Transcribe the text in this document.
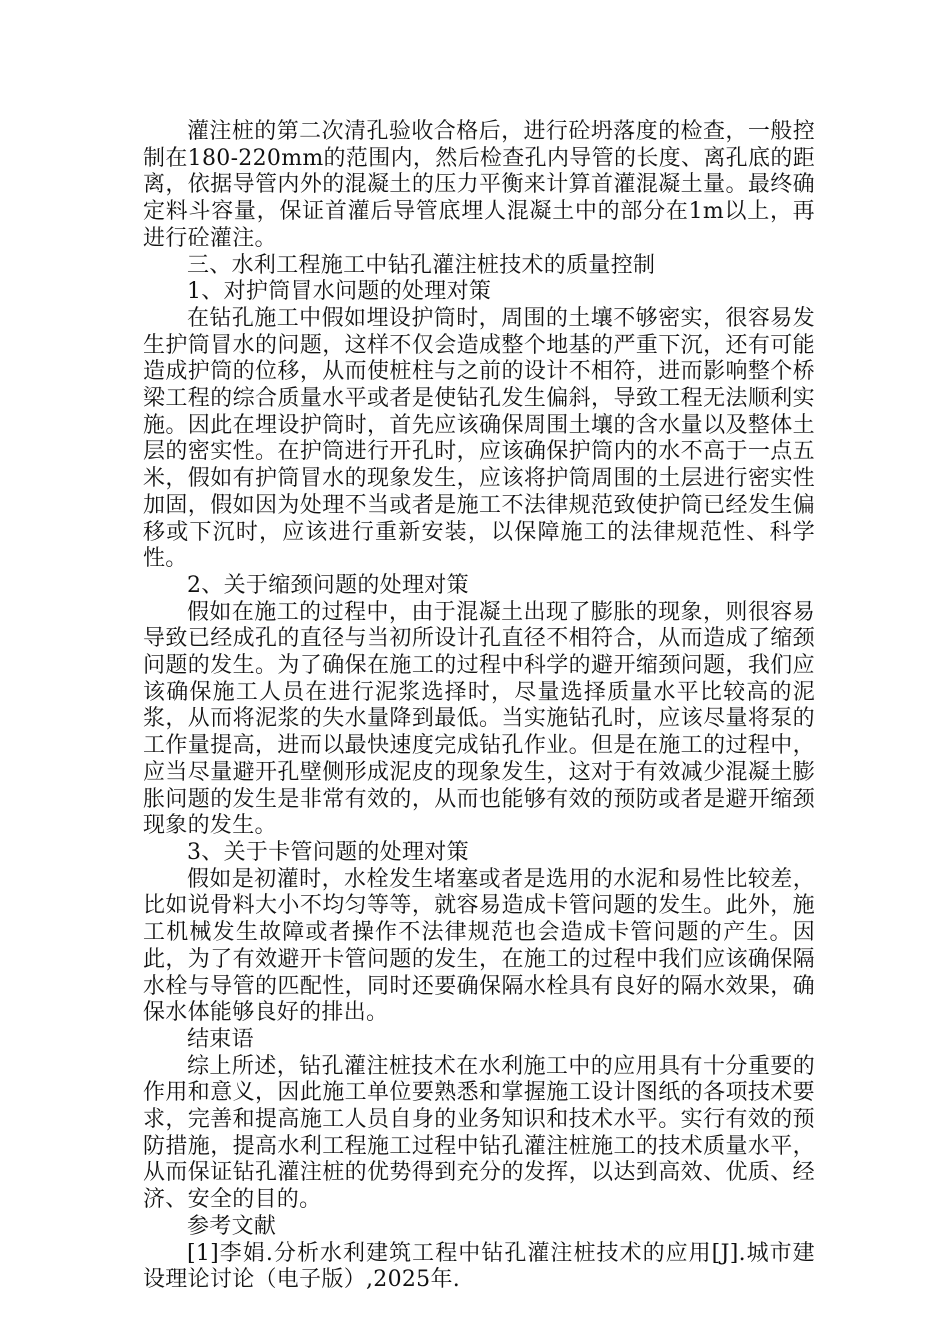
灌注桩的第二次清孔验收合格后，进行砼坍落度的检查，一般控制在180-220mm的范围内，然后检查孔内导管的长度、离孔底的距离，依据导管内外的混凝土的压力平衡来计算首灌混凝土量。最终确定料斗容量，保证首灌后导管底埋人混凝土中的部分在1m以上，再进行砼灌注。

三、水利工程施工中钻孔灌注桩技术的质量控制

1、对护筒冒水问题的处理对策

在钻孔施工中假如埋设护筒时，周围的土壤不够密实，很容易发生护筒冒水的问题，这样不仅会造成整个地基的严重下沉，还有可能造成护筒的位移，从而使桩柱与之前的设计不相符，进而影响整个桥梁工程的综合质量水平或者是使钻孔发生偏斜，导致工程无法顺利实施。因此在埋设护筒时，首先应该确保周围土壤的含水量以及整体土层的密实性。在护筒进行开孔时，应该确保护筒内的水不高于一点五米，假如有护筒冒水的现象发生，应该将护筒周围的土层进行密实性加固，假如因为处理不当或者是施工不法律规范致使护筒已经发生偏移或下沉时，应该进行重新安装，以保障施工的法律规范性、科学性。

2、关于缩颈问题的处理对策

假如在施工的过程中，由于混凝土出现了膨胀的现象，则很容易导致已经成孔的直径与当初所设计孔直径不相符合，从而造成了缩颈问题的发生。为了确保在施工的过程中科学的避开缩颈问题，我们应该确保施工人员在进行泥浆选择时，尽量选择质量水平比较高的泥浆，从而将泥浆的失水量降到最低。当实施钻孔时，应该尽量将泵的工作量提高，进而以最快速度完成钻孔作业。但是在施工的过程中，应当尽量避开孔壁侧形成泥皮的现象发生，这对于有效减少混凝土膨胀问题的发生是非常有效的，从而也能够有效的预防或者是避开缩颈现象的发生。

3、关于卡管问题的处理对策

假如是初灌时，水栓发生堵塞或者是选用的水泥和易性比较差，比如说骨料大小不均匀等等，就容易造成卡管问题的发生。此外，施工机械发生故障或者操作不法律规范也会造成卡管问题的产生。因此，为了有效避开卡管问题的发生，在施工的过程中我们应该确保隔水栓与导管的匹配性，同时还要确保隔水栓具有良好的隔水效果，确保水体能够良好的排出。

结束语

综上所述，钻孔灌注桩技术在水利施工中的应用具有十分重要的作用和意义，因此施工单位要熟悉和掌握施工设计图纸的各项技术要求，完善和提高施工人员自身的业务知识和技术水平。实行有效的预防措施，提高水利工程施工过程中钻孔灌注桩施工的技术质量水平，从而保证钻孔灌注桩的优势得到充分的发挥，以达到高效、优质、经济、安全的目的。

参考文献

[1]李娟.分析水利建筑工程中钻孔灌注桩技术的应用[J].城市建设理论讨论（电子版）,2025年.
